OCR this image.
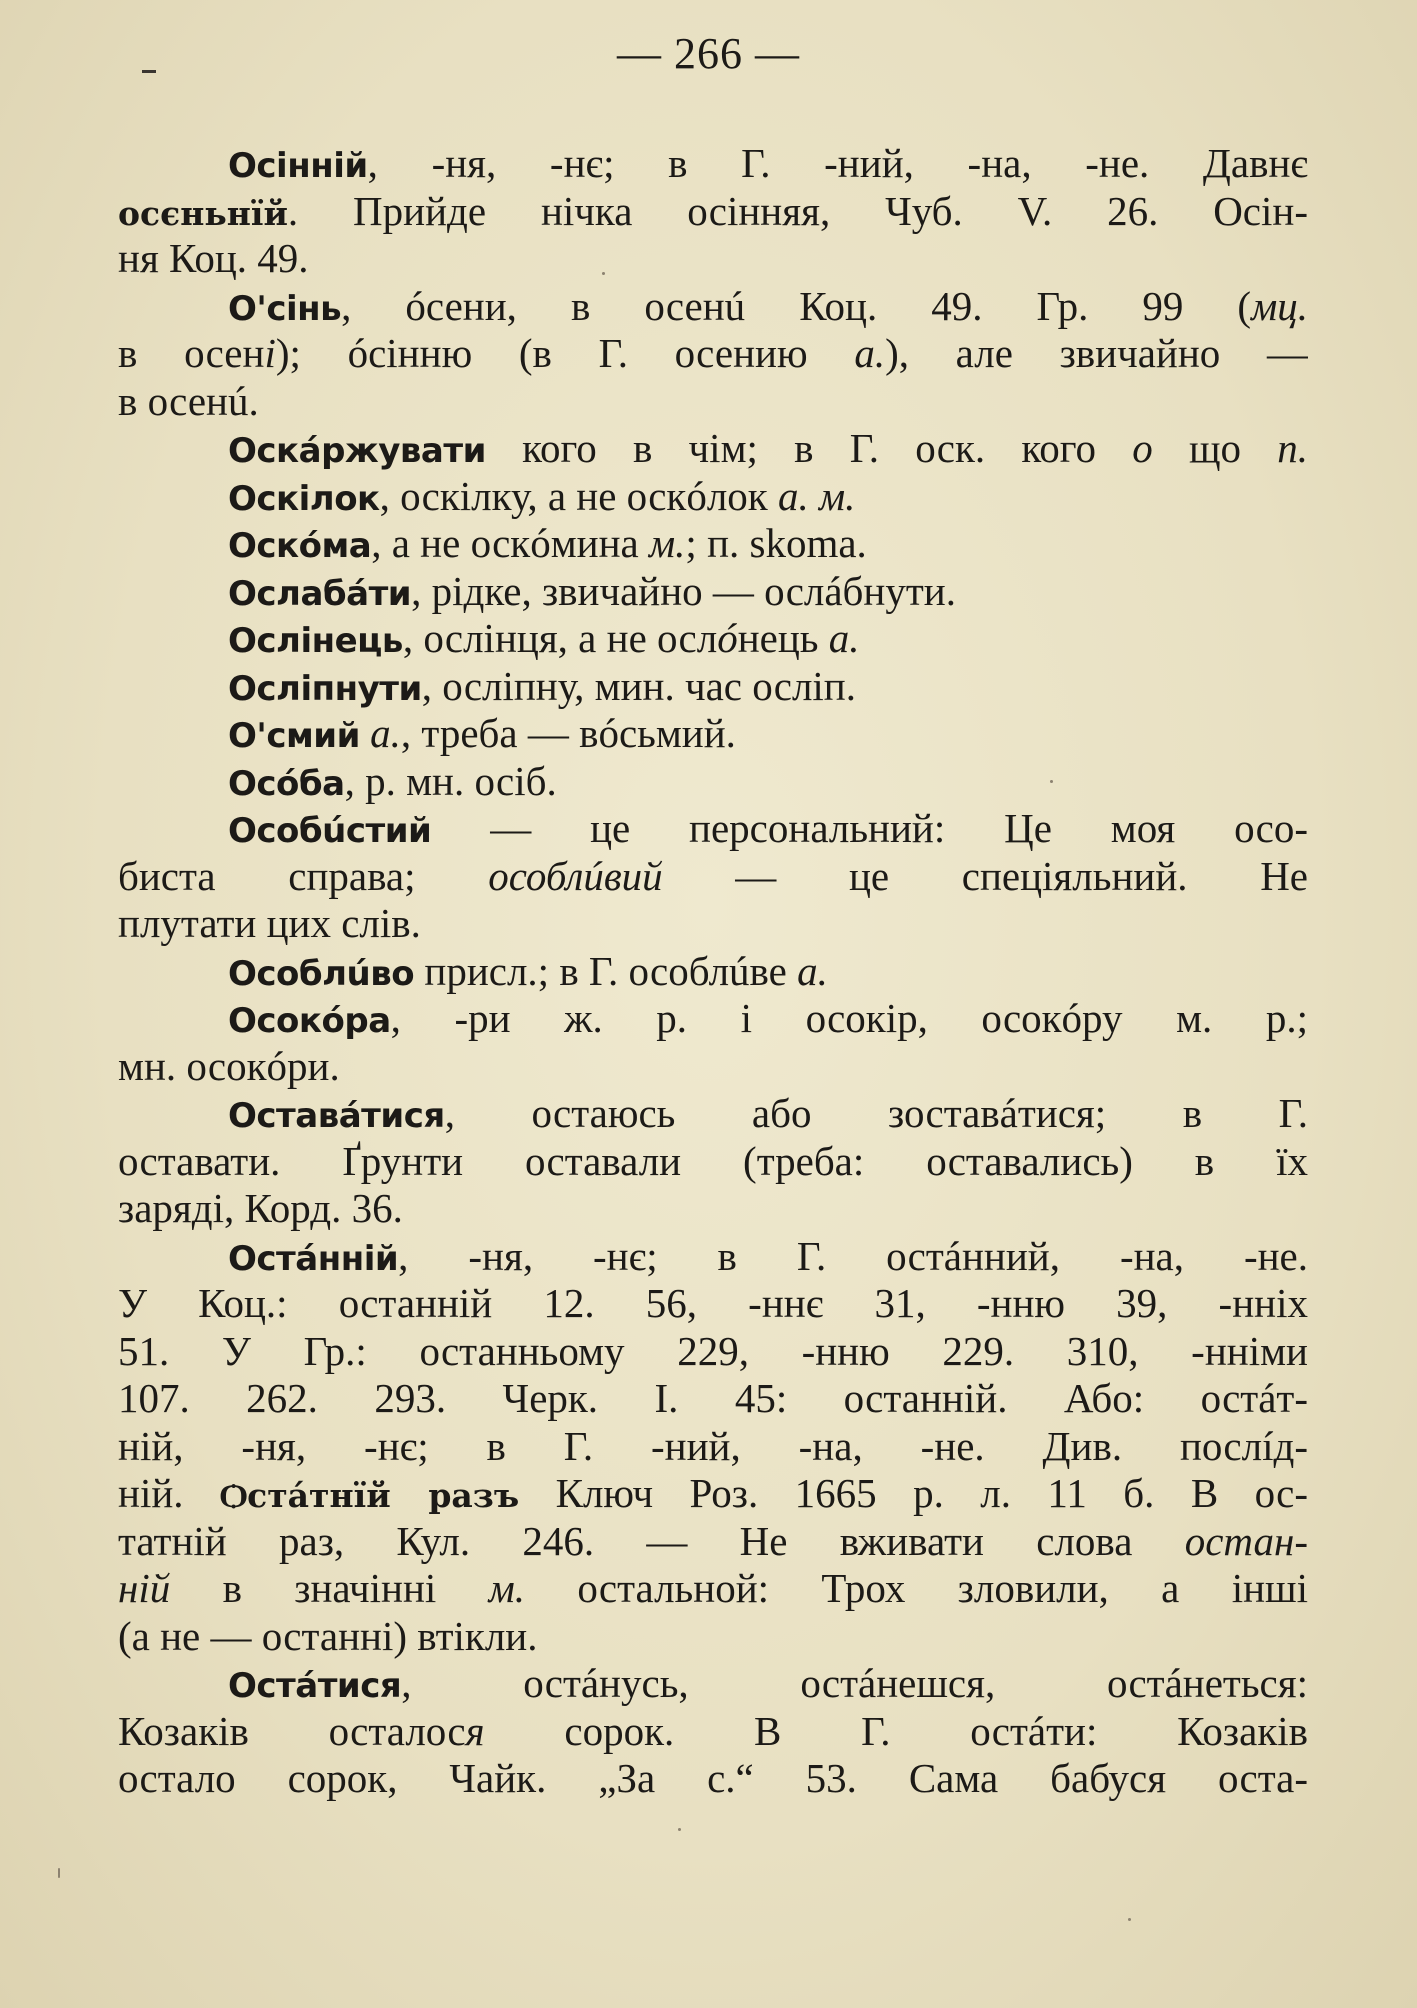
— 266 —
Осінній, -ня, -нє; в Г. -ний, -на, -не. Давнє
осєньнїй. Прийде нічка осінняя, Чуб. V. 26. Осін-
ня Коц. 49.
О'сінь, óсени, в осенú Коц. 49. Гр. 99 (мц.
в осені); óсінню (в Г. осению а.), але звичайно —
в осенú.
Оскáржувати кого в чім; в Г. оск. кого о що п.
Оскілок, оскілку, а не оскóлок а. м.
Оскóма, а не оскóмина м.; п. skoma.
Ослабáти, рідке, звичайно — ослáбнути.
Ослінець, ослінця, а не ослóнець а.
Осліпнути, осліпну, мин. час осліп.
О'смий а., треба — вóсьмий.
Осóба, р. мн. осіб.
Особúстий — це персональний: Це моя осо-
биста справа; особлúвий — це спеціяльний. Не
плутати цих слів.
Особлúво присл.; в Г. особлúве а.
Осокóра, -ри ж. р. і осокір, осокóру м. р.;
мн. осокóри.
Оставáтися, остаюсь або зоставáтися; в Г.
оставати. Ґрунти оставали (треба: оставались) в їх
заряді, Корд. 36.
Остáнній, -ня, -нє; в Г. остáнний, -на, -не.
У Коц.: останній 12. 56, -ннє 31, -нню 39, -нніх
51. У Гр.: останньому 229, -нню 229. 310, -нніми
107. 262. 293. Черк. І. 45: останній. Або: остáт-
ній, -ня, -нє; в Г. -ний, -на, -не. Див. послíд-
ній. Ѻстáтнїй разъ Ключ Роз. 1665 р. л. 11 б. В ос-
татній раз, Кул. 246. — Не вживати слова остан-
ній в значінні м. остальной: Трох зловили, а інші
(а не — останні) втікли.
Остáтися, остáнусь, остáнешся, остáнеться:
Козаків осталося сорок. В Г. остáти: Козаків
остало сорок, Чайк. „За с.“ 53. Сама бабуся оста-
